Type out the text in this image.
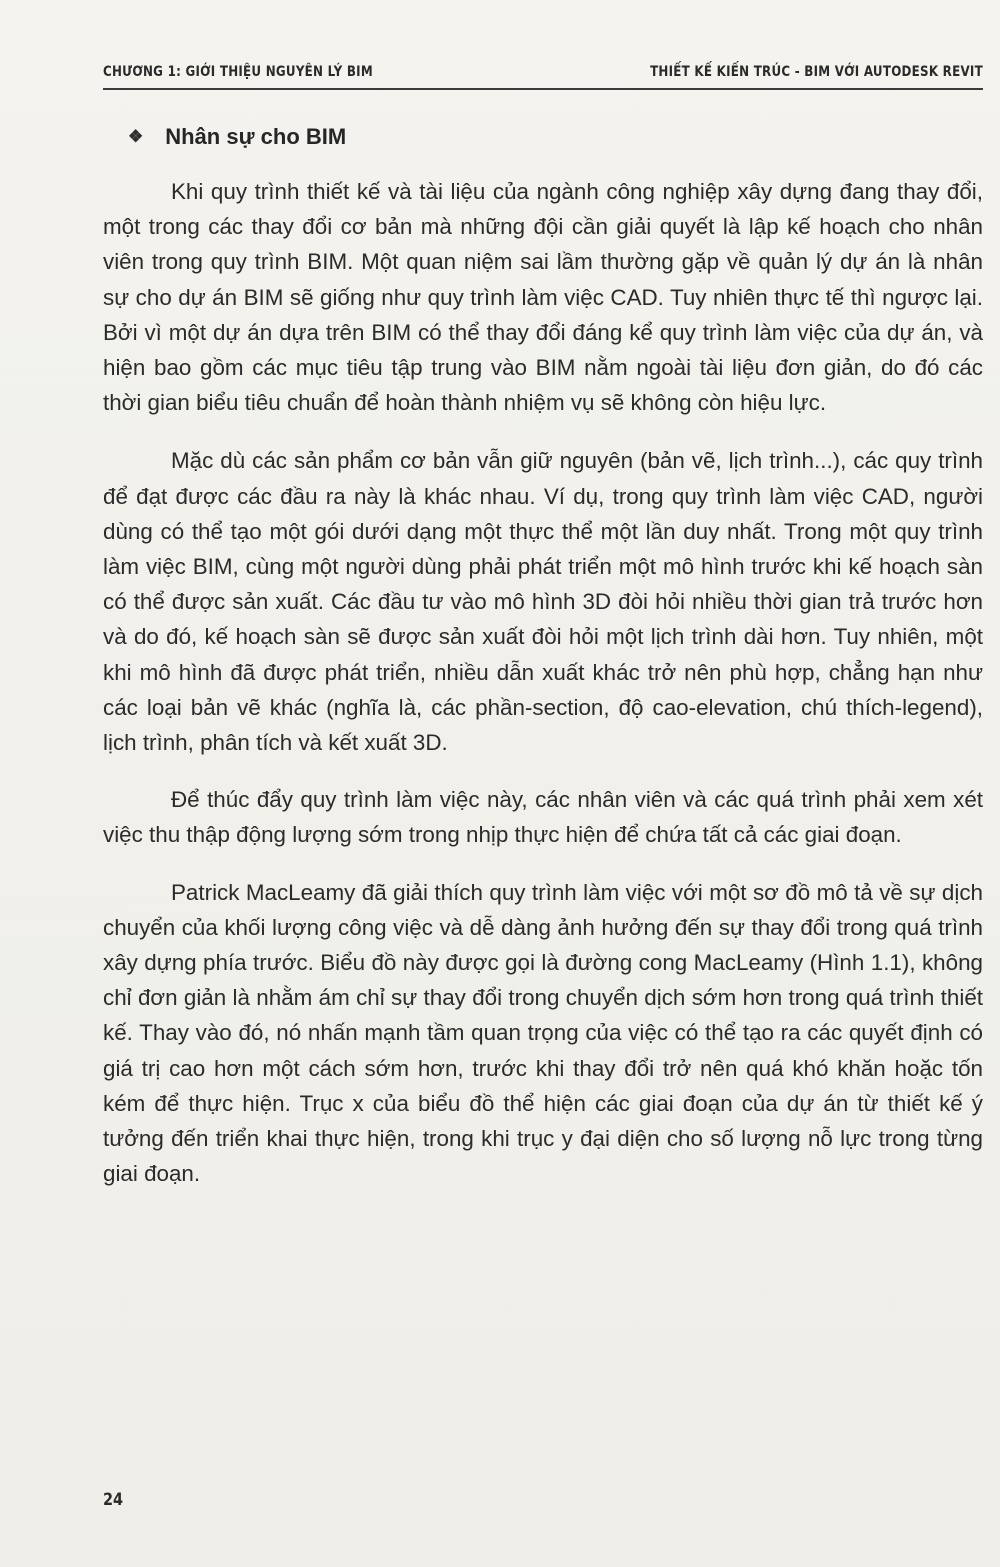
CHƯƠNG 1: GIỚI THIỆU NGUYÊN LÝ BIM	THIẾT KẾ KIẾN TRÚC - BIM VỚI AUTODESK REVIT
❖ Nhân sự cho BIM

Khi quy trình thiết kế và tài liệu của ngành công nghiệp xây dựng đang thay đổi, một trong các thay đổi cơ bản mà những đội cần giải quyết là lập kế hoạch cho nhân viên trong quy trình BIM. Một quan niệm sai lầm thường gặp về quản lý dự án là nhân sự cho dự án BIM sẽ giống như quy trình làm việc CAD. Tuy nhiên thực tế thì ngược lại. Bởi vì một dự án dựa trên BIM có thể thay đổi đáng kể quy trình làm việc của dự án, và hiện bao gồm các mục tiêu tập trung vào BIM nằm ngoài tài liệu đơn giản, do đó các thời gian biểu tiêu chuẩn để hoàn thành nhiệm vụ sẽ không còn hiệu lực.

Mặc dù các sản phẩm cơ bản vẫn giữ nguyên (bản vẽ, lịch trình...), các quy trình để đạt được các đầu ra này là khác nhau. Ví dụ, trong quy trình làm việc CAD, người dùng có thể tạo một gói dưới dạng một thực thể một lần duy nhất. Trong một quy trình làm việc BIM, cùng một người dùng phải phát triển một mô hình trước khi kế hoạch sàn có thể được sản xuất. Các đầu tư vào mô hình 3D đòi hỏi nhiều thời gian trả trước hơn và do đó, kế hoạch sàn sẽ được sản xuất đòi hỏi một lịch trình dài hơn. Tuy nhiên, một khi mô hình đã được phát triển, nhiều dẫn xuất khác trở nên phù hợp, chẳng hạn như các loại bản vẽ khác (nghĩa là, các phần-section, độ cao-elevation, chú thích-legend), lịch trình, phân tích và kết xuất 3D.

Để thúc đẩy quy trình làm việc này, các nhân viên và các quá trình phải xem xét việc thu thập động lượng sớm trong nhịp thực hiện để chứa tất cả các giai đoạn.

Patrick MacLeamy đã giải thích quy trình làm việc với một sơ đồ mô tả về sự dịch chuyển của khối lượng công việc và dễ dàng ảnh hưởng đến sự thay đổi trong quá trình xây dựng phía trước. Biểu đồ này được gọi là đường cong MacLeamy (Hình 1.1), không chỉ đơn giản là nhằm ám chỉ sự thay đổi trong chuyển dịch sớm hơn trong quá trình thiết kế. Thay vào đó, nó nhấn mạnh tầm quan trọng của việc có thể tạo ra các quyết định có giá trị cao hơn một cách sớm hơn, trước khi thay đổi trở nên quá khó khăn hoặc tốn kém để thực hiện. Trục x của biểu đồ thể hiện các giai đoạn của dự án từ thiết kế ý tưởng đến triển khai thực hiện, trong khi trục y đại diện cho số lượng nỗ lực trong từng giai đoạn.

24
